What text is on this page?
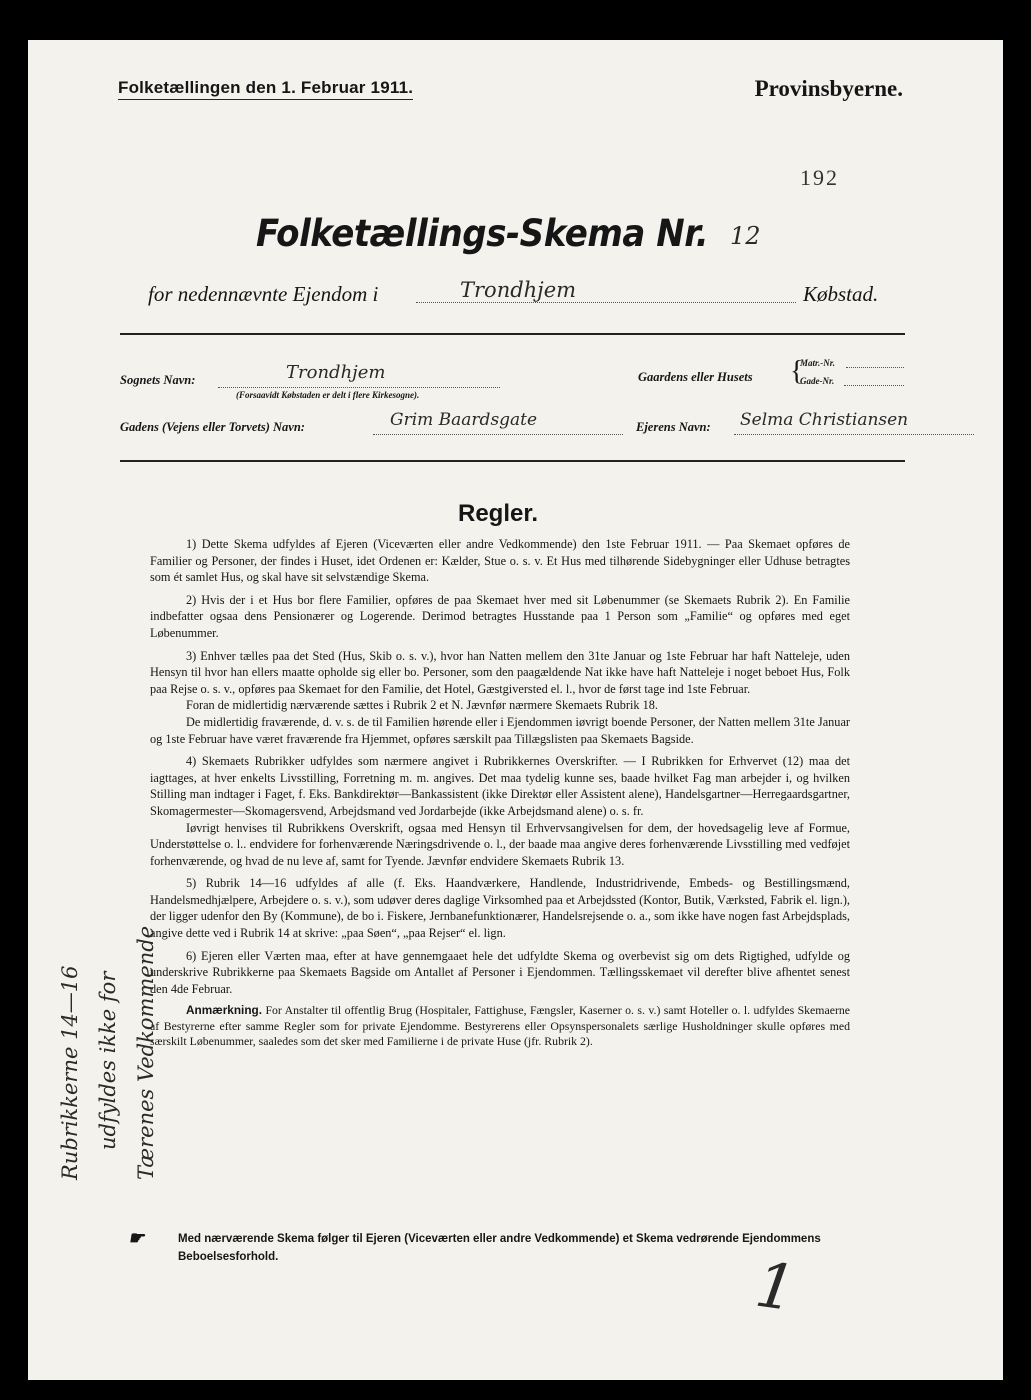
Folketællingen den 1. Februar 1911.	Provinsbyerne.
192
Folketællings-Skema Nr. 12
for nedennævnte Ejendom i	Trondhjem	Købstad.
Sognets Navn:	Trondhjem
(Forsaavidt Købstaden er delt i flere Kirkesogne).
Gaardens eller Husets {
Matr.-Nr.
Gade-Nr.
Gadens (Vejens eller Torvets) Navn:	Grim Baardsgate	Ejerens Navn: Selma Christiansen
Regler.

1) Dette Skema udfyldes af Ejeren (Viceværten eller andre Vedkommende) den 1ste Februar 1911. — Paa Skemaet opføres de Familier og Personer, der findes i Huset, idet Ordenen er: Kælder, Stue o. s. v. Et Hus med tilhørende Sidebygninger eller Udhuse betragtes som ét samlet Hus, og skal have sit selvstændige Skema.

2) Hvis der i et Hus bor flere Familier, opføres de paa Skemaet hver med sit Løbenummer (se Skemaets Rubrik 2). En Familie indbefatter ogsaa dens Pensionærer og Logerende. Derimod betragtes Husstande paa 1 Person som „Familie“ og opføres med eget Løbenummer.

3) Enhver tælles paa det Sted (Hus, Skib o. s. v.), hvor han Natten mellem den 31te Januar og 1ste Februar har haft Natteleje, uden Hensyn til hvor han ellers maatte opholde sig eller bo. Personer, som den paagældende Nat ikke have haft Natteleje i noget beboet Hus, Folk paa Rejse o. s. v., opføres paa Skemaet for den Familie, det Hotel, Gæstgiversted el. l., hvor de først tage ind 1ste Februar.

Foran de midlertidig nærværende sættes i Rubrik 2 et N. Jævnfør nærmere Skemaets Rubrik 18.

De midlertidig fraværende, d. v. s. de til Familien hørende eller i Ejendommen iøvrigt boende Personer, der Natten mellem 31te Januar og 1ste Februar have været fraværende fra Hjemmet, opføres særskilt paa Tillægslisten paa Skemaets Bagside.

4) Skemaets Rubrikker udfyldes som nærmere angivet i Rubrikkernes Overskrifter. — I Rubrikken for Erhvervet (12) maa det iagttages, at hver enkelts Livsstilling, Forretning m. m. angives. Det maa tydelig kunne ses, baade hvilket Fag man arbejder i, og hvilken Stilling man indtager i Faget, f. Eks. Bankdirektør—Bankassistent (ikke Direktør eller Assistent alene), Handelsgartner—Herregaardsgartner, Skomagermester—Skomagersvend, Arbejdsmand ved Jordarbejde (ikke Arbejdsmand alene) o. s. fr.

Iøvrigt henvises til Rubrikkens Overskrift, ogsaa med Hensyn til Erhvervsangivelsen for dem, der hovedsagelig leve af Formue, Understøttelse o. l.. endvidere for forhenværende Næringsdrivende o. l., der baade maa angive deres forhenværende Livsstilling med vedføjet forhenværende, og hvad de nu leve af, samt for Tyende. Jævnfør endvidere Skemaets Rubrik 13.

5) Rubrik 14—16 udfyldes af alle (f. Eks. Haandværkere, Handlende, Industridrivende, Embeds- og Bestillingsmænd, Handelsmedhjælpere, Arbejdere o. s. v.), som udøver deres daglige Virksomhed paa et Arbejdssted (Kontor, Butik, Værksted, Fabrik el. lign.), der ligger udenfor den By (Kommune), de bo i. Fiskere, Jernbanefunktionærer, Handelsrejsende o. a., som ikke have nogen fast Arbejdsplads, angive dette ved i Rubrik 14 at skrive: „paa Søen“, „paa Rejser“ el. lign.

6) Ejeren eller Værten maa, efter at have gennemgaaet hele det udfyldte Skema og overbevist sig om dets Rigtighed, udfylde og underskrive Rubrikkerne paa Skemaets Bagside om Antallet af Personer i Ejendommen. Tællingsskemaet vil derefter blive afhentet senest den 4de Februar.

Anmærkning. For Anstalter til offentlig Brug (Hospitaler, Fattighuse, Fængsler, Kaserner o. s. v.) samt Hoteller o. l. udfyldes Skemaerne af Bestyrerne efter samme Regler som for private Ejendomme. Bestyrerens eller Opsynspersonalets særlige Husholdninger skulle opføres med særskilt Løbenummer, saaledes som det sker med Familierne i de private Huse (jfr. Rubrik 2).

Rubrikkerne 14—16 udfyldes ikke for Tærenes Vedkommende
☛	Med nærværende Skema følger til Ejeren (Viceværten eller andre Vedkommende) et Skema vedrørende Ejendommens Beboelsesforhold.	1
